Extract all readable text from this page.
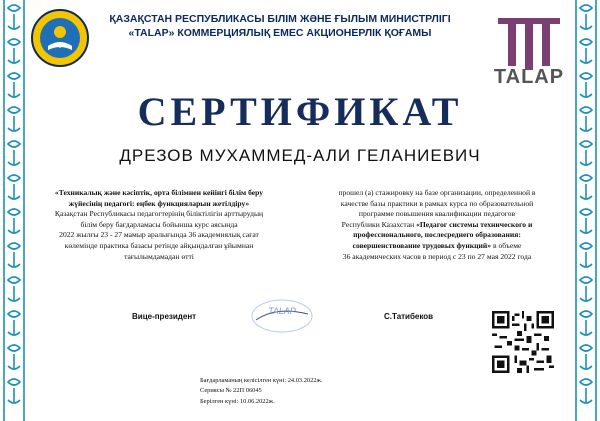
ҚАЗАҚСТАН РЕСПУБЛИКАСЫ БІЛІМ ЖӘНЕ ҒЫЛЫМ МИНИСТРЛІГІ
«TALAP» КОММЕРЦИЯЛЫҚ ЕМЕС АКЦИОНЕРЛІК ҚОҒАМЫ
TALAP
СЕРТИФИКАТ
ДРЕЗОВ МУХАММЕД-АЛИ ГЕЛАНИЕВИЧ
«Техникалық және кәсіптік, орта білімнен кейінгі білім беру
жүйесінің педагогі: еңбек функцияларын жетілдіру»
Қазақстан Республикасы педагогтерінің біліктілігін арттырудың
білім беру бағдарламасы бойынша курс аясында
2022 жылғы 23 - 27 мамыр аралығында 36 академиялық сағат
көлемінде практика базасы ретінде айқындалған ұйымнан
тағылымдамадан өтті
прошел (а) стажировку на базе организации, определенной в
качестве базы практики в рамках курса по образовательной
программе повышения квалификации педагогов
Республики Казахстан «Педагог системы технического и
профессионального, послесреднего образования:
совершенствование трудовых функций» в объеме
36 академических часов в период с 23 по 27 мая 2022 года
Вице-президент
TALAP
С.Татибеков
Бағдарламаның келісілген күні: 24.03.2022ж.
Сериясы № 22П 06045
Берілген күні: 10.06.2022ж.
